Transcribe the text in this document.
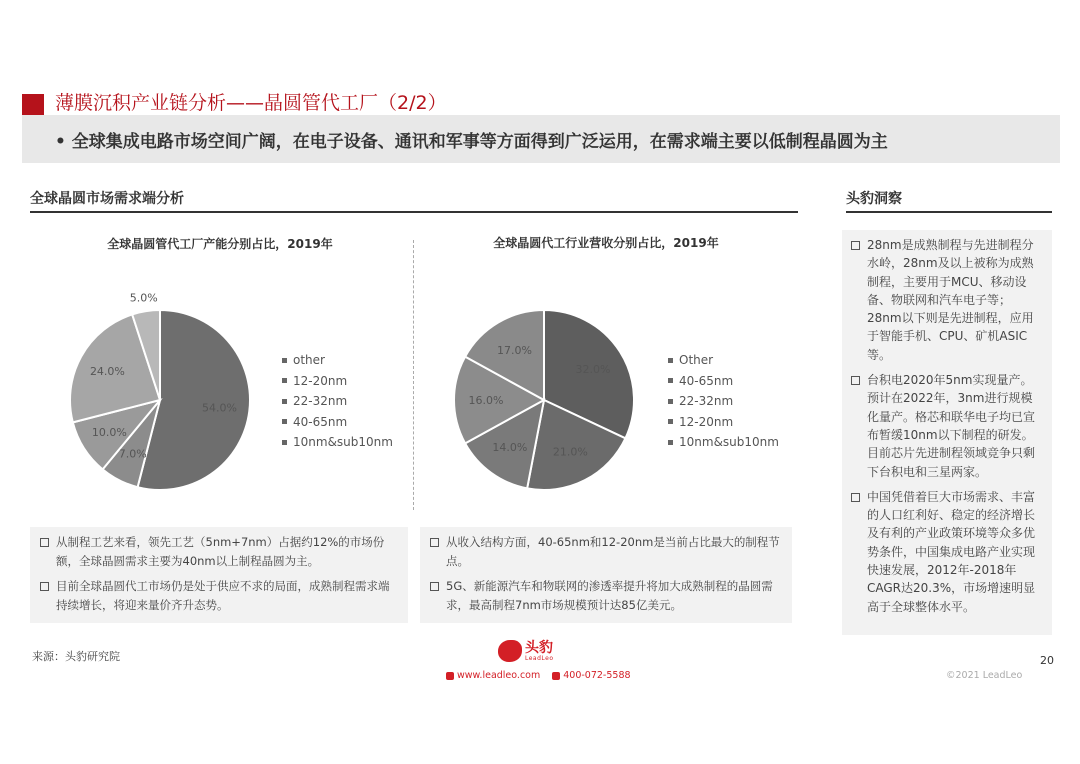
薄膜沉积产业链分析——晶圆管代工厂（2/2）
• 全球集成电路市场空间广阔，在电子设备、通讯和军事等方面得到广泛运用，在需求端主要以低制程晶圆为主
全球晶圆市场需求端分析	头豹洞察
全球晶圆管代工厂产能分别占比，2019年
54.0%
7.0%
10.0%
24.0%
5.0%
other
12-20nm
22-32nm
40-65nm
10nm&sub10nm
全球晶圆代工行业营收分别占比，2019年
32.0%
21.0%
14.0%
16.0%
17.0%
Other
40-65nm
22-32nm
12-20nm
10nm&sub10nm
从制程工艺来看，领先工艺（5nm+7nm）占据约12%的市场份额，全球晶圆需求主要为40nm以上制程晶圆为主。
目前全球晶圆代工市场仍是处于供应不求的局面，成熟制程需求端持续增长，将迎来量价齐升态势。
从收入结构方面，40-65nm和12-20nm是当前占比最大的制程节点。
5G、新能源汽车和物联网的渗透率提升将加大成熟制程的晶圆需求，最高制程7nm市场规模预计达85亿美元。
28nm是成熟制程与先进制程分水岭，28nm及以上被称为成熟制程，主要用于MCU、移动设备、物联网和汽车电子等；28nm以下则是先进制程，应用于智能手机、CPU、矿机ASIC等。
台积电2020年5nm实现量产。预计在2022年，3nm进行规模化量产。格芯和联华电子均已宣布暂缓10nm以下制程的研发。目前芯片先进制程领域竞争只剩下台积电和三星两家。
中国凭借着巨大市场需求、丰富的人口红利好、稳定的经济增长及有利的产业政策环境等众多优势条件，中国集成电路产业实现快速发展，2012年-2018年CAGR达20.3%，市场增速明显高于全球整体水平。
来源：头豹研究院
头豹
LeadLeo
www.leadleo.com 400-072-5588
20
©2021 LeadLeo
